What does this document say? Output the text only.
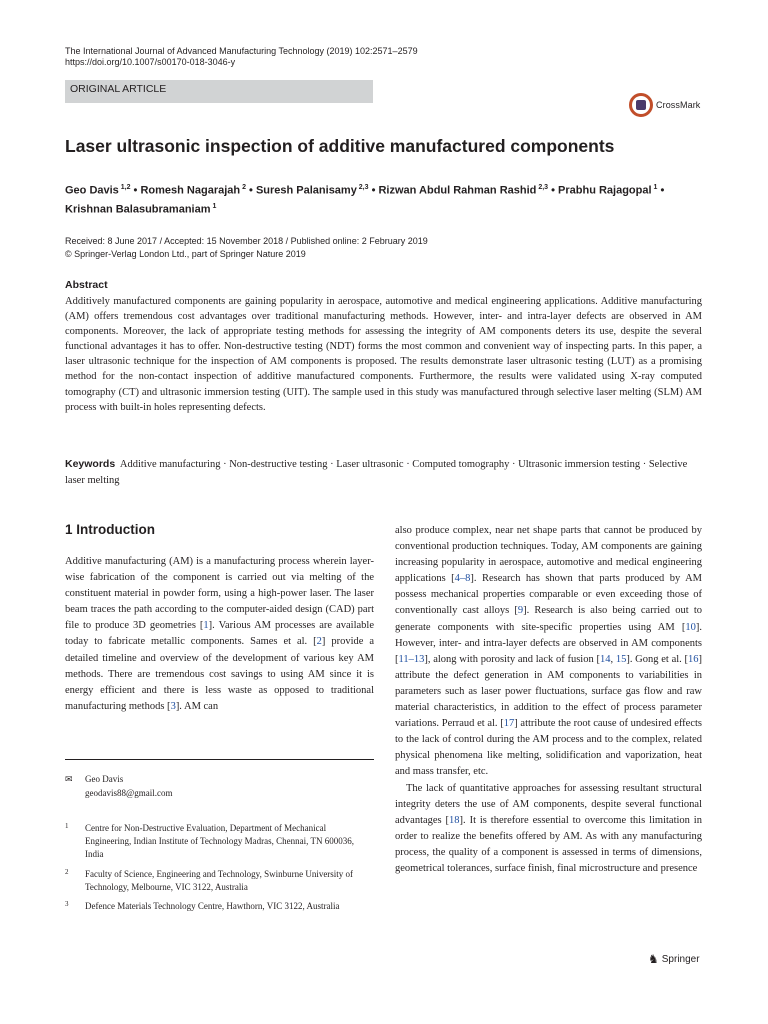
The International Journal of Advanced Manufacturing Technology (2019) 102:2571–2579
https://doi.org/10.1007/s00170-018-3046-y
ORIGINAL ARTICLE
CrossMark
Laser ultrasonic inspection of additive manufactured components
Geo Davis $^{1,2}$ • Romesh Nagarajah $^2$ • Suresh Palanisamy $^{2,3}$ • Rizwan Abdul Rahman Rashid $^{2,3}$ • Prabhu Rajagopal $^1$ •
Krishnan Balasubramaniam $^1$
Received: 8 June 2017 / Accepted: 15 November 2018 / Published online: 2 February 2019
© Springer-Verlag London Ltd., part of Springer Nature 2019
Abstract
Additively manufactured components are gaining popularity in aerospace, automotive and medical engineering applications. Additive manufacturing (AM) offers tremendous cost advantages over traditional manufacturing methods. However, inter- and intra-layer defects are observed in AM components. Moreover, the lack of appropriate testing methods for assessing the integrity of AM components deters its use, despite the several functional advantages it has to offer. Non-destructive testing (NDT) forms the most common and convenient way of inspecting parts. In this paper, a laser ultrasonic technique for the inspection of AM components is proposed. The results demonstrate laser ultrasonic testing (LUT) as a promising method for the non-contact inspection of additive manufactured components. Furthermore, the results were validated using X-ray computed tomography (CT) and ultrasonic immersion testing (UIT). The sample used in this study was manufactured through selective laser melting (SLM) AM process with built-in holes representing defects.
Keywords Additive manufacturing · Non-destructive testing · Laser ultrasonic · Computed tomography · Ultrasonic immersion testing · Selective laser melting
1 Introduction

Additive manufacturing (AM) is a manufacturing process wherein layer-wise fabrication of the component is carried out via melting of the constituent material in powder form, using a high-power laser. The laser beam traces the path according to the computer-aided design (CAD) part file to produce 3D geometries [1]. Various AM processes are available today to fabricate metallic components. Sames et al. [2] provide a detailed timeline and overview of the development of various key AM methods. There are tremendous cost savings to using AM since it is energy efficient and there is less waste as opposed to traditional manufacturing methods [3]. AM can

also produce complex, near net shape parts that cannot be produced by conventional production techniques. Today, AM components are gaining increasing popularity in aerospace, automotive and medical engineering applications [4–8]. Research has shown that parts produced by AM possess mechanical properties comparable or even exceeding those of conventionally cast alloys [9]. Research is also being carried out to generate components with site-specific properties using AM [10]. However, inter- and intra-layer defects are observed in AM components [11–13], along with porosity and lack of fusion [14, 15]. Gong et al. [16] attribute the defect generation in AM components to variabilities in parameters such as laser power fluctuations, surface gas flow and raw material characteristics, in addition to the effect of process parameter variations. Perraud et al. [17] attribute the root cause of undesired effects to the lack of control during the AM process and to the complex, related physical phenomena like melting, solidification and vaporization, heat and mass transfer, etc.

The lack of quantitative approaches for assessing resultant structural integrity deters the use of AM components, despite several functional advantages [18]. It is therefore essential to overcome this limitation in order to realize the benefits offered by AM. As with any manufacturing process, the quality of a component is assessed in terms of dimensions, geometrical tolerances, surface finish, final microstructure and presence

✉ Geo Davis
geodavis88@gmail.com
1 Centre for Non-Destructive Evaluation, Department of Mechanical Engineering, Indian Institute of Technology Madras, Chennai, TN 600036, India
2 Faculty of Science, Engineering and Technology, Swinburne University of Technology, Melbourne, VIC 3122, Australia
3 Defence Materials Technology Centre, Hawthorn, VIC 3122, Australia
♞ Springer
